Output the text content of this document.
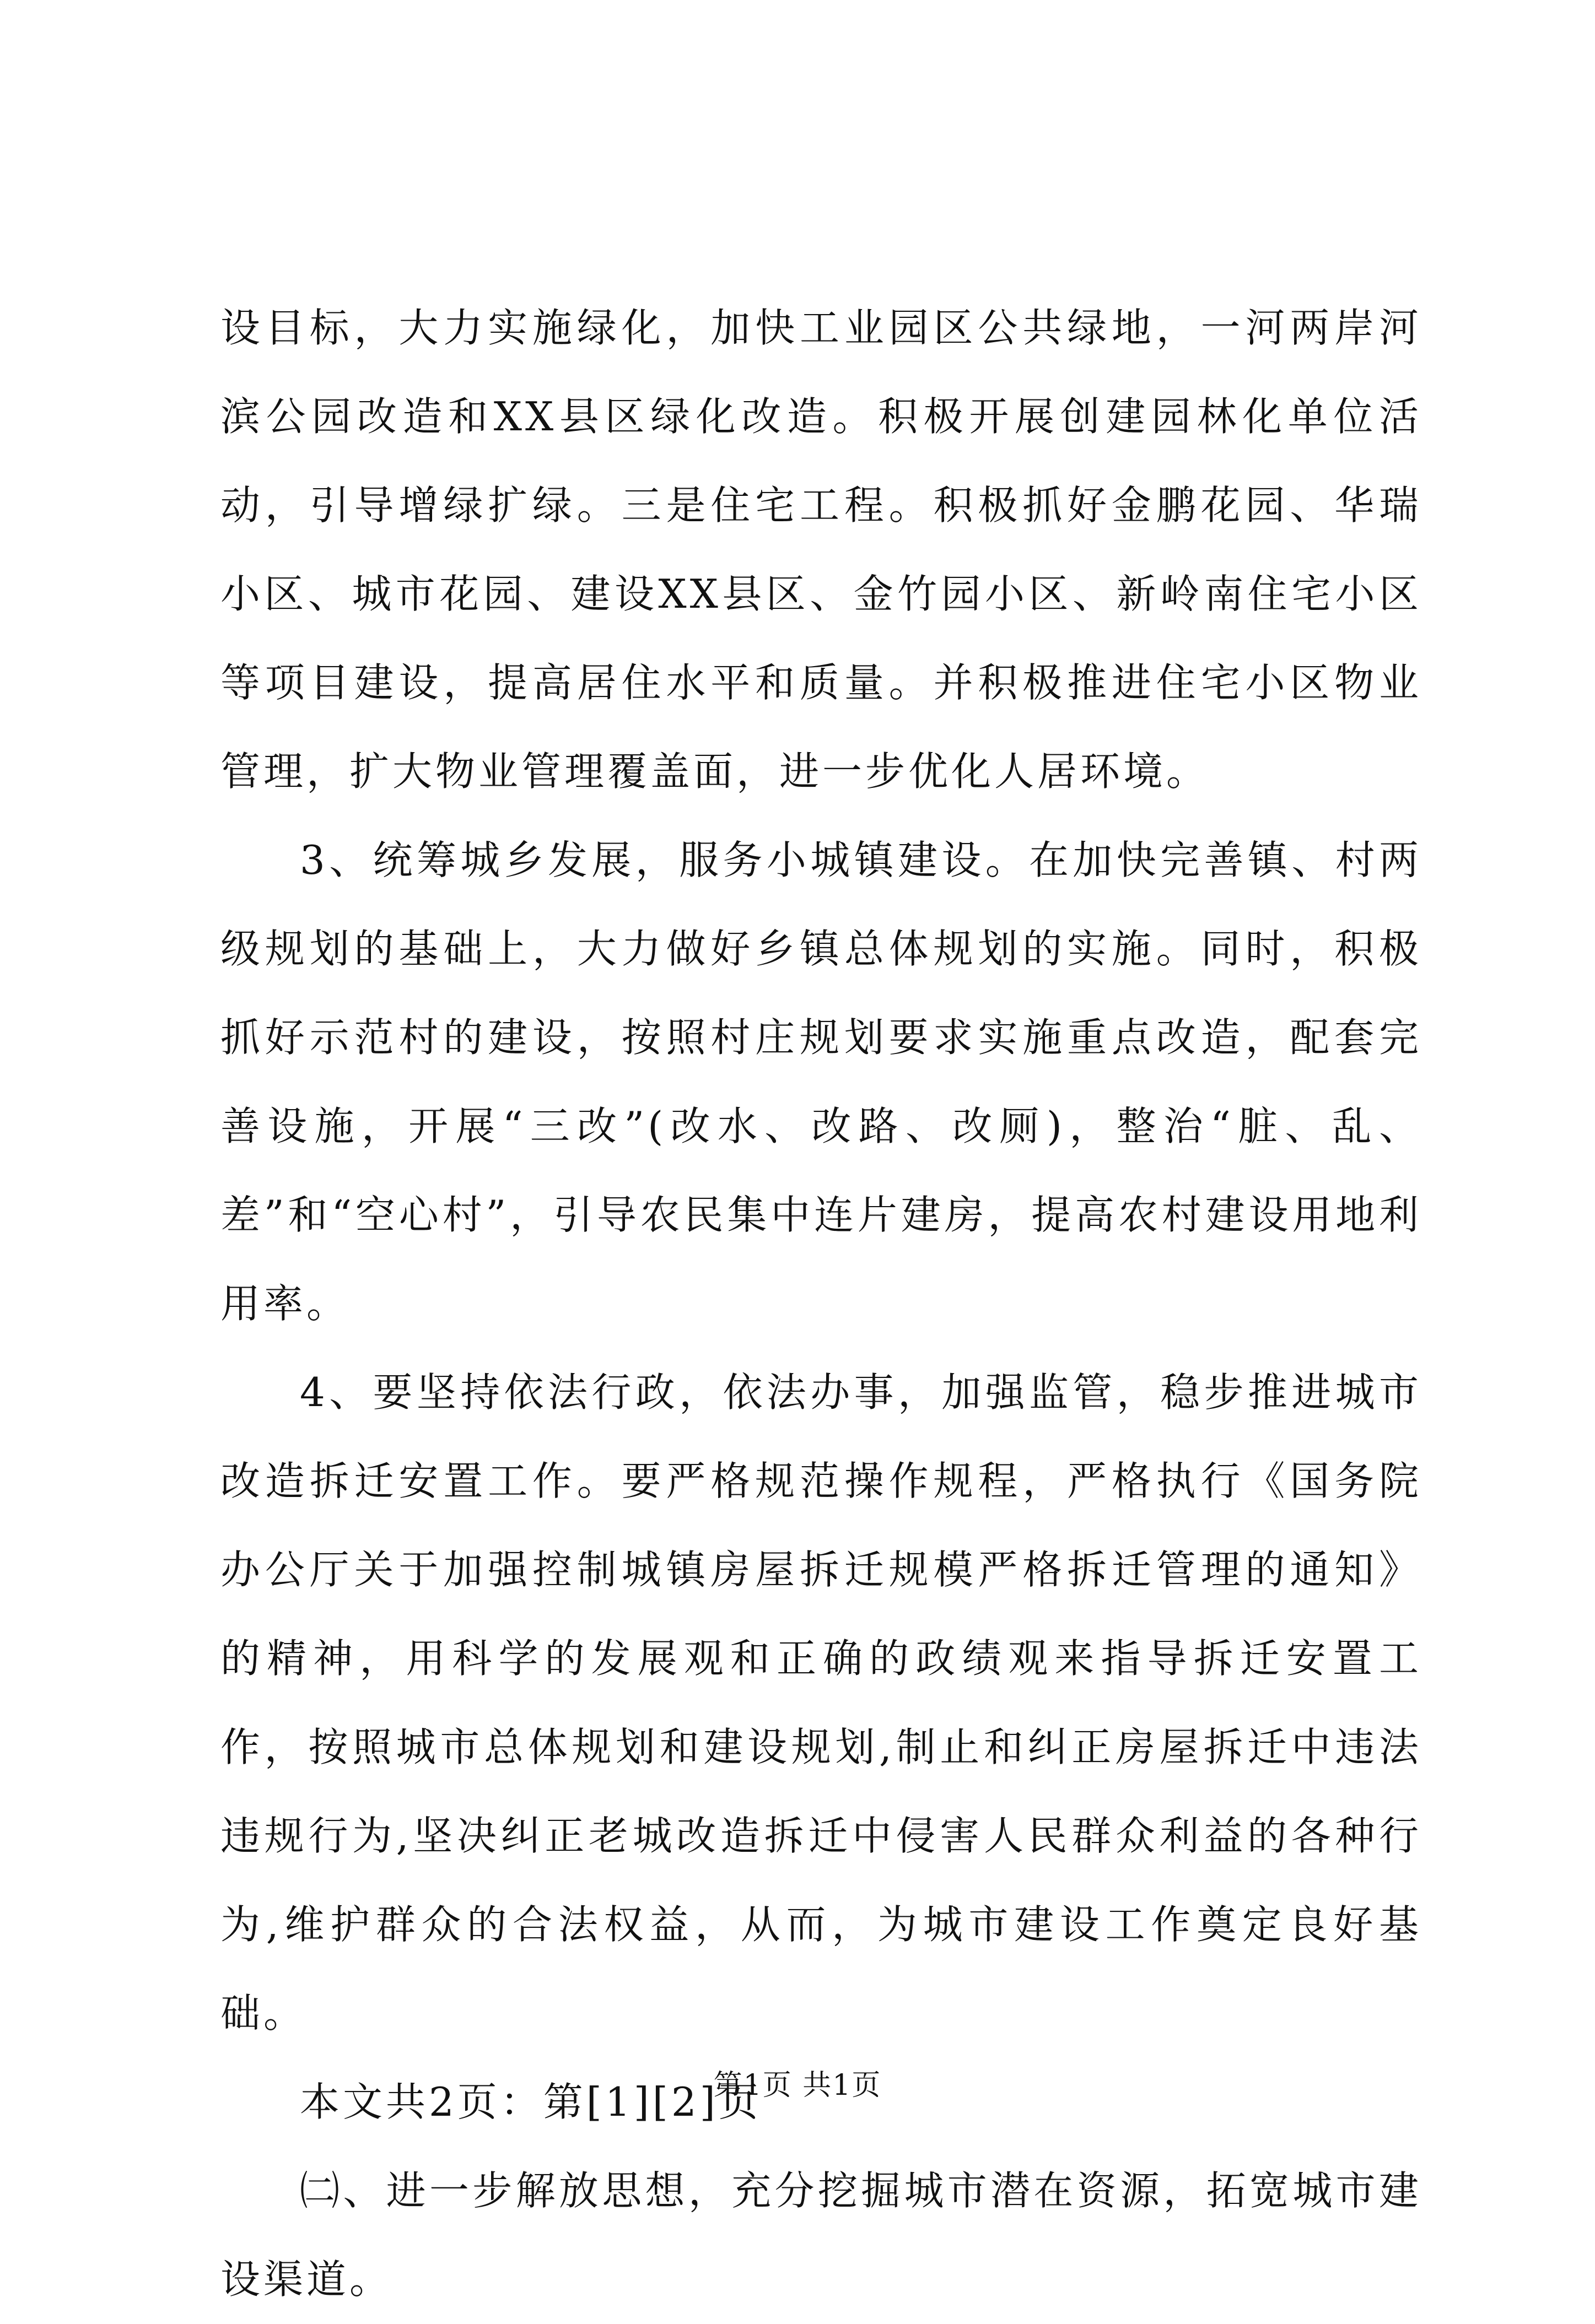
设目标，大力实施绿化，加快工业园区公共绿地，一河两岸河滨公园改造和XX县区绿化改造。积极开展创建园林化单位活动，引导增绿扩绿。三是住宅工程。积极抓好金鹏花园、华瑞小区、城市花园、建设XX县区、金竹园小区、新岭南住宅小区等项目建设，提高居住水平和质量。并积极推进住宅小区物业管理，扩大物业管理覆盖面，进一步优化人居环境。

3、统筹城乡发展，服务小城镇建设。在加快完善镇、村两级规划的基础上，大力做好乡镇总体规划的实施。同时，积极抓好示范村的建设，按照村庄规划要求实施重点改造，配套完善设施，开展“三改”(改水、改路、改厕)，整治“脏、乱、差”和“空心村”，引导农民集中连片建房，提高农村建设用地利用率。

4、要坚持依法行政，依法办事，加强监管，稳步推进城市改造拆迁安置工作。要严格规范操作规程，严格执行《国务院办公厅关于加强控制城镇房屋拆迁规模严格拆迁管理的通知》的精神，用科学的发展观和正确的政绩观来指导拆迁安置工作，按照城市总体规划和建设规划,制止和纠正房屋拆迁中违法违规行为,坚决纠正老城改造拆迁中侵害人民群众利益的各种行为,维护群众的合法权益，从而，为城市建设工作奠定良好基础。

本文共2页：第[1][2]页

㈡、进一步解放思想，充分挖掘城市潜在资源，拓宽城市建设渠道。

第1页 共1页
